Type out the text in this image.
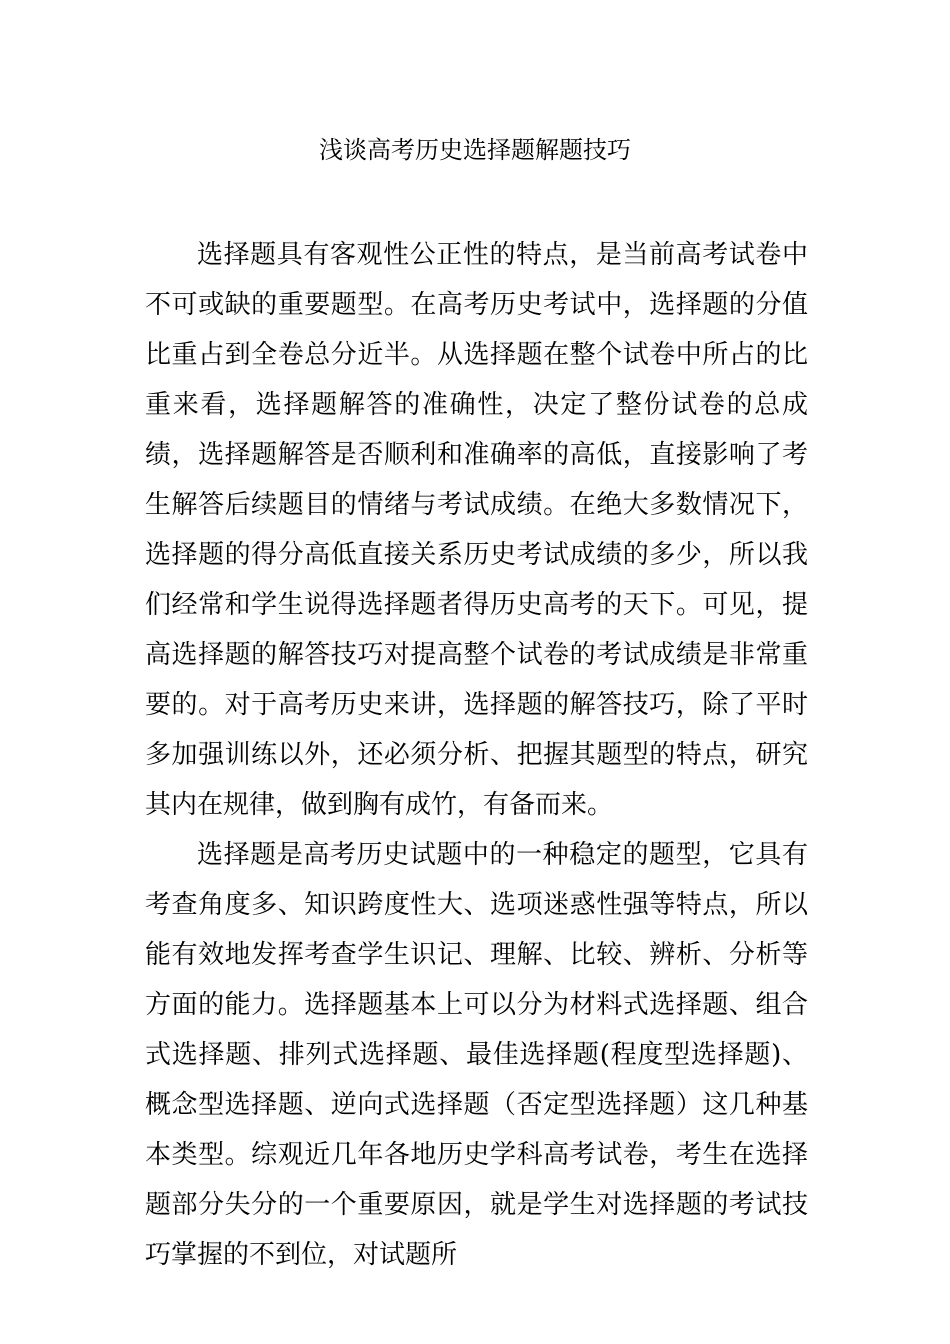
浅谈高考历史选择题解题技巧

选择题具有客观性公正性的特点，是当前高考试卷中不可或缺的重要题型。在高考历史考试中，选择题的分值比重占到全卷总分近半。从选择题在整个试卷中所占的比重来看，选择题解答的准确性，决定了整份试卷的总成绩，选择题解答是否顺利和准确率的高低，直接影响了考生解答后续题目的情绪与考试成绩。在绝大多数情况下，选择题的得分高低直接关系历史考试成绩的多少，所以我们经常和学生说得选择题者得历史高考的天下。可见，提高选择题的解答技巧对提高整个试卷的考试成绩是非常重要的。对于高考历史来讲，选择题的解答技巧，除了平时多加强训练以外，还必须分析、把握其题型的特点，研究其内在规律，做到胸有成竹，有备而来。

选择题是高考历史试题中的一种稳定的题型，它具有考查角度多、知识跨度性大、选项迷惑性强等特点，所以能有效地发挥考查学生识记、理解、比较、辨析、分析等方面的能力。选择题基本上可以分为材料式选择题、组合式选择题、排列式选择题、最佳选择题(程度型选择题)、概念型选择题、逆向式选择题（否定型选择题）这几种基本类型。综观近几年各地历史学科高考试卷，考生在选择题部分失分的一个重要原因，就是学生对选择题的考试技巧掌握的不到位，对试题所
